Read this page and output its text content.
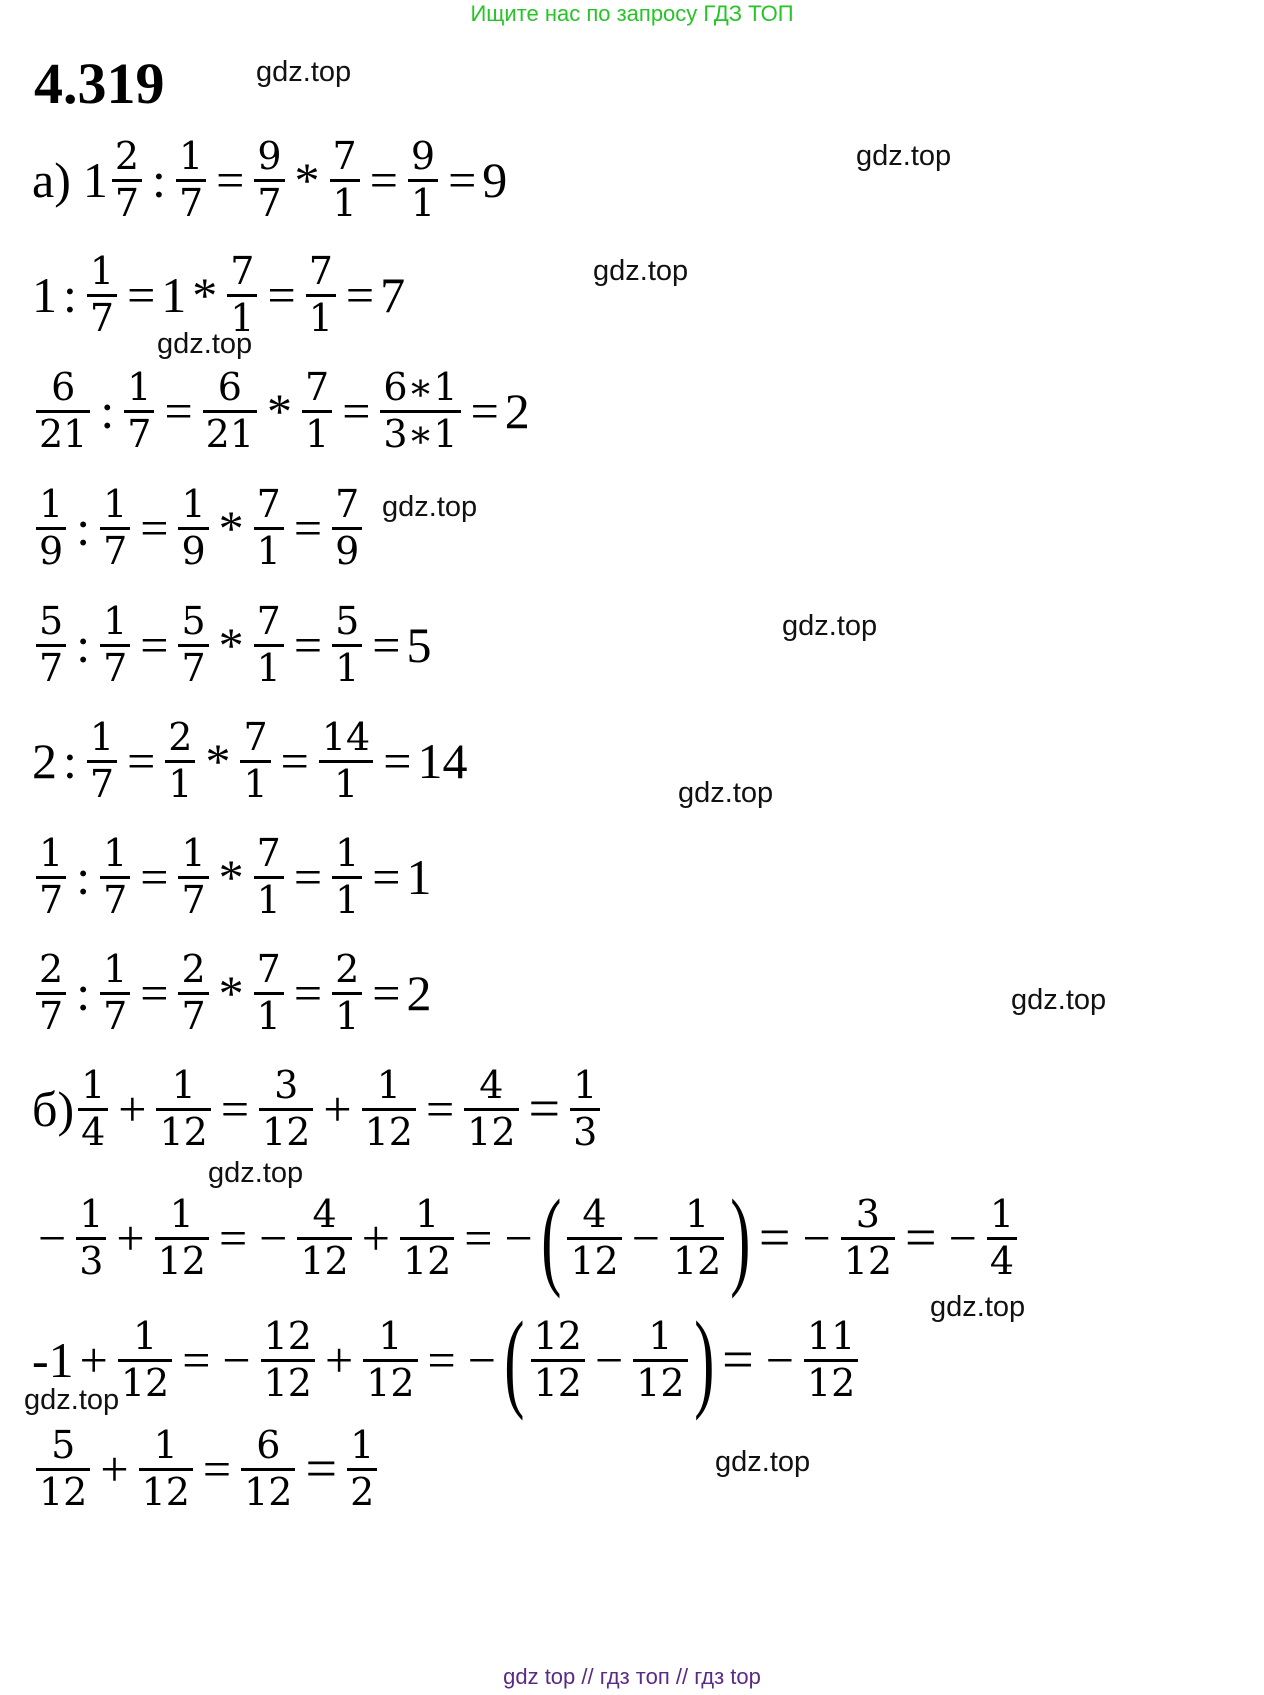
Ищите нас по запросу ГДЗ ТОП
4.319	gdz.top
gdz.top
gdz.top
gdz.top
gdz.top
gdz.top
gdz.top
gdz.top
gdz.top
gdz.top
gdz.top
gdz.top
а) $1 \frac{2}{7}$ : $\frac{1}{7} = \frac{9}{7} * \frac{7}{1} = \frac{9}{1} = 9$
1 : $\frac{1}{7} = 1 * \frac{7}{1} = \frac{7}{1} = 7$
$\frac{6}{21}$ : $\frac{1}{7} = \frac{6}{21} * \frac{7}{1} = \frac{6∗1}{3∗1} = 2$
$\frac{1}{9}$ : $\frac{1}{7} = \frac{1}{9} * \frac{7}{1} = \frac{7}{9}$
$\frac{5}{7}$ : $\frac{1}{7} = \frac{5}{7} * \frac{7}{1} = \frac{5}{1} = 5$
2 : $\frac{1}{7} = \frac{2}{1} * \frac{7}{1} = \frac{14}{1} = 14$
$\frac{1}{7}$ : $\frac{1}{7} = \frac{1}{7} * \frac{7}{1} = \frac{1}{1} = 1$
$\frac{2}{7}$ : $\frac{1}{7} = \frac{2}{7} * \frac{7}{1} = \frac{2}{1} = 2$
$б) \frac{1}{4} + \frac{1}{12} = \frac{3}{12} + \frac{1}{12} = \frac{4}{12} = \frac{1}{3}$
− $\frac{1}{3} + \frac{1}{12}$ = − $\frac{4}{12} + \frac{1}{12}$ = − ( $\frac{4}{12} - \frac{1}{12}$ ) = − $\frac{3}{12}$ = − $\frac{1}{4}$
$-1 + \frac{1}{12}$ = − $\frac{12}{12} + \frac{1}{12}$ = − ( $\frac{12}{12} - \frac{1}{12}$ ) = − $\frac{11}{12}$
$\frac{5}{12} + \frac{1}{12} = \frac{6}{12} = \frac{1}{2}$
gdz top // гдз топ // гдз top
